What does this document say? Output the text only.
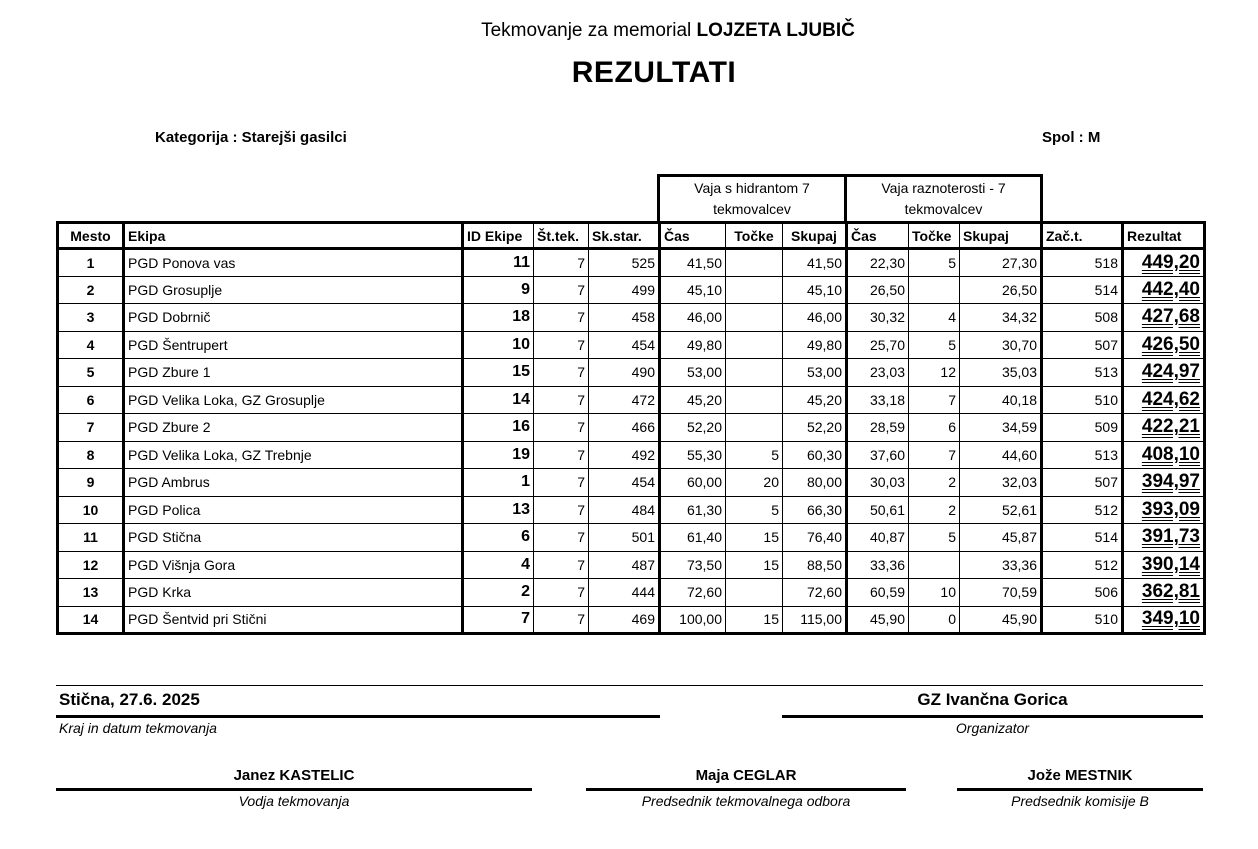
Tekmovanje za memorial LOJZETA LJUBIČ
REZULTATI
Kategorija : Starejši gasilci	Spol : M
Vaja s hidrantom 7
tekmovalcev
Vaja raznoterosti - 7
tekmovalcev
Mesto	Ekipa	ID Ekipe	Št.tek.	Sk.star.	Čas	Točke	Skupaj	Čas	Točke	Skupaj	Zač.t.	Rezultat
1	PGD Ponova vas	11	7	525	41,50		41,50	22,30	5	27,30	518	449,20
2	PGD Grosuplje	9	7	499	45,10		45,10	26,50		26,50	514	442,40
3	PGD Dobrnič	18	7	458	46,00		46,00	30,32	4	34,32	508	427,68
4	PGD Šentrupert	10	7	454	49,80		49,80	25,70	5	30,70	507	426,50
5	PGD Zbure 1	15	7	490	53,00		53,00	23,03	12	35,03	513	424,97
6	PGD Velika Loka, GZ Grosuplje	14	7	472	45,20		45,20	33,18	7	40,18	510	424,62
7	PGD Zbure 2	16	7	466	52,20		52,20	28,59	6	34,59	509	422,21
8	PGD Velika Loka, GZ Trebnje	19	7	492	55,30	5	60,30	37,60	7	44,60	513	408,10
9	PGD Ambrus	1	7	454	60,00	20	80,00	30,03	2	32,03	507	394,97
10	PGD Polica	13	7	484	61,30	5	66,30	50,61	2	52,61	512	393,09
11	PGD Stična	6	7	501	61,40	15	76,40	40,87	5	45,87	514	391,73
12	PGD Višnja Gora	4	7	487	73,50	15	88,50	33,36		33,36	512	390,14
13	PGD Krka	2	7	444	72,60		72,60	60,59	10	70,59	506	362,81
14	PGD Šentvid pri Stični	7	7	469	100,00	15	115,00	45,90	0	45,90	510	349,10
Stična, 27.6. 2025
Kraj in datum tekmovanja
GZ Ivančna Gorica
Organizator
Janez KASTELIC
Vodja tekmovanja
Maja CEGLAR
Predsednik tekmovalnega odbora
Jože MESTNIK
Predsednik komisije B
